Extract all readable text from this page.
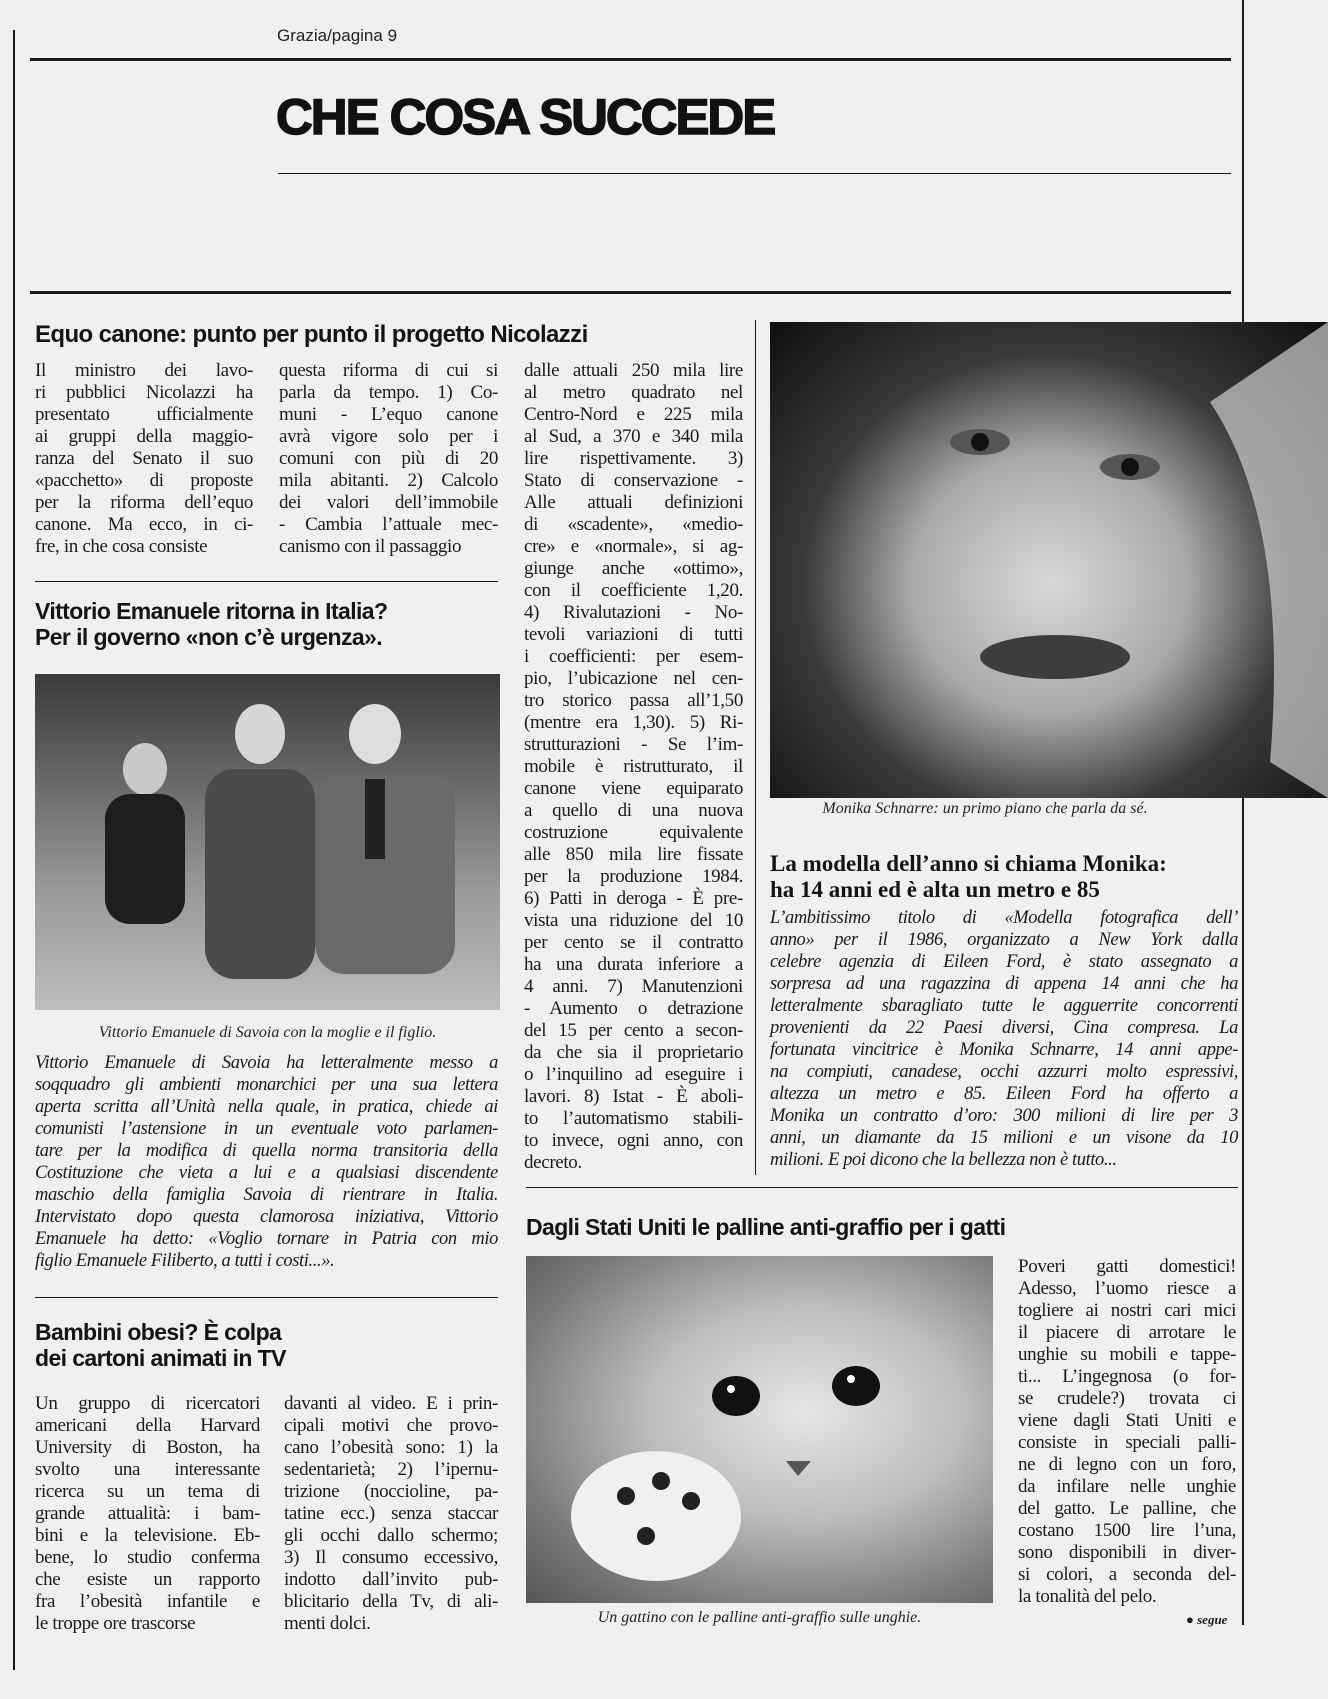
Grazia/pagina 9
CHE COSA SUCCEDE
Equo canone: punto per punto il progetto Nicolazzi
Il ministro dei lavo-
ri pubblici Nicolazzi ha
presentato ufficialmente
ai gruppi della maggio-
ranza del Senato il suo
«pacchetto» di proposte
per la riforma dell’equo
canone. Ma ecco, in ci-
fre, in che cosa consiste
questa riforma di cui si
parla da tempo. 1) Co-
muni - L’equo canone
avrà vigore solo per i
comuni con più di 20
mila abitanti. 2) Calcolo
dei valori dell’immobile
- Cambia l’attuale mec-
canismo con il passaggio
dalle attuali 250 mila lire
al metro quadrato nel
Centro-Nord e 225 mila
al Sud, a 370 e 340 mila
lire rispettivamente. 3)
Stato di conservazione -
Alle attuali definizioni
di «scadente», «medio-
cre» e «normale», si ag-
giunge anche «ottimo»,
con il coefficiente 1,20.
4) Rivalutazioni - No-
tevoli variazioni di tutti
i coefficienti: per esem-
pio, l’ubicazione nel cen-
tro storico passa all’1,50
(mentre era 1,30). 5) Ri-
strutturazioni - Se l’im-
mobile è ristrutturato, il
canone viene equiparato
a quello di una nuova
costruzione equivalente
alle 850 mila lire fissate
per la produzione 1984.
6) Patti in deroga - È pre-
vista una riduzione del 10
per cento se il contratto
ha una durata inferiore a
4 anni. 7) Manutenzioni
- Aumento o detrazione
del 15 per cento a secon-
da che sia il proprietario
o l’inquilino ad eseguire i
lavori. 8) Istat - È aboli-
to l’automatismo stabili-
to invece, ogni anno, con
decreto.
Vittorio Emanuele ritorna in Italia?
Per il governo «non c’è urgenza».
Vittorio Emanuele di Savoia con la moglie e il figlio.
Vittorio Emanuele di Savoia ha letteralmente messo a
soqquadro gli ambienti monarchici per una sua lettera
aperta scritta all’Unità nella quale, in pratica, chiede ai
comunisti l’astensione in un eventuale voto parlamen-
tare per la modifica di quella norma transitoria della
Costituzione che vieta a lui e a qualsiasi discendente
maschio della famiglia Savoia di rientrare in Italia.
Intervistato dopo questa clamorosa iniziativa, Vittorio
Emanuele ha detto: «Voglio tornare in Patria con mio
figlio Emanuele Filiberto, a tutti i costi...».
Bambini obesi? È colpa
dei cartoni animati in TV
Un gruppo di ricercatori
americani della Harvard
University di Boston, ha
svolto una interessante
ricerca su un tema di
grande attualità: i bam-
bini e la televisione. Eb-
bene, lo studio conferma
che esiste un rapporto
fra l’obesità infantile e
le troppe ore trascorse
davanti al video. E i prin-
cipali motivi che provo-
cano l’obesità sono: 1) la
sedentarietà; 2) l’ipernu-
trizione (noccioline, pa-
tatine ecc.) senza staccar
gli occhi dallo schermo;
3) Il consumo eccessivo,
indotto dall’invito pub-
blicitario della Tv, di ali-
menti dolci.
Monika Schnarre: un primo piano che parla da sé.
La modella dell’anno si chiama Monika:
ha 14 anni ed è alta un metro e 85
L’ambitissimo titolo di «Modella fotografica dell’
anno» per il 1986, organizzato a New York dalla
celebre agenzia di Eileen Ford, è stato assegnato a
sorpresa ad una ragazzina di appena 14 anni che ha
letteralmente sbaragliato tutte le agguerrite concorrenti
provenienti da 22 Paesi diversi, Cina compresa. La
fortunata vincitrice è Monika Schnarre, 14 anni appe-
na compiuti, canadese, occhi azzurri molto espressivi,
altezza un metro e 85. Eileen Ford ha offerto a
Monika un contratto d’oro: 300 milioni di lire per 3
anni, un diamante da 15 milioni e un visone da 10
milioni. E poi dicono che la bellezza non è tutto...
Dagli Stati Uniti le palline anti-graffio per i gatti
Un gattino con le palline anti-graffio sulle unghie.
Poveri gatti domestici!
Adesso, l’uomo riesce a
togliere ai nostri cari mici
il piacere di arrotare le
unghie su mobili e tappe-
ti... L’ingegnosa (o for-
se crudele?) trovata ci
viene dagli Stati Uniti e
consiste in speciali palli-
ne di legno con un foro,
da infilare nelle unghie
del gatto. Le palline, che
costano 1500 lire l’una,
sono disponibili in diver-
si colori, a seconda del-
la tonalità del pelo.
● segue
